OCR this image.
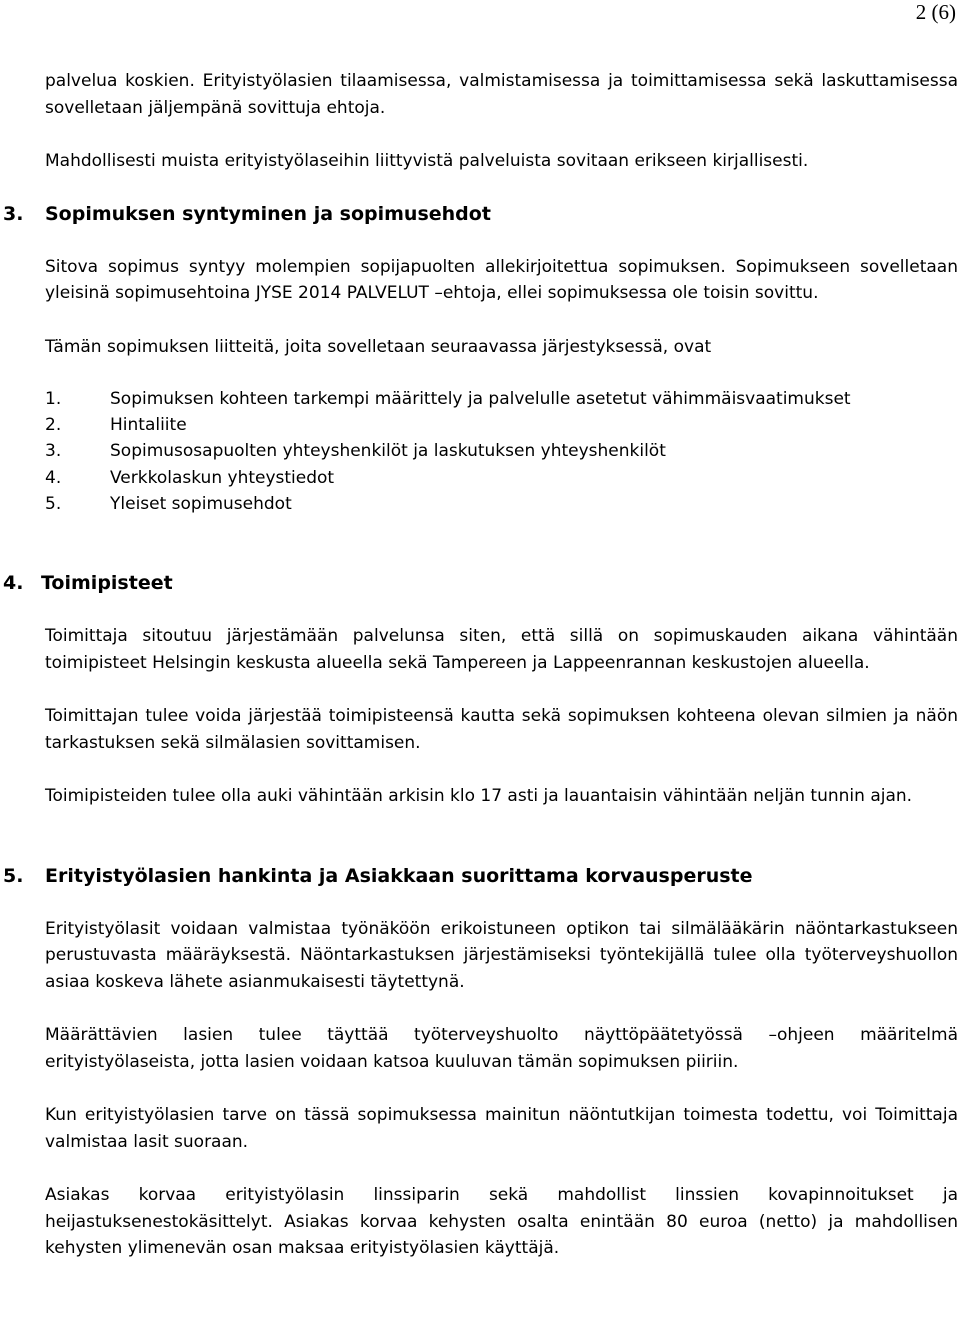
2 (6)

palvelua koskien. Erityistyölasien tilaamisessa, valmistamisessa ja toimittamisessa sekä laskuttamisessa sovelletaan jäljempänä sovittuja ehtoja.

Mahdollisesti muista erityistyölaseihin liittyvistä palveluista sovitaan erikseen kirjallisesti.

3.	Sopimuksen syntyminen ja sopimusehdot

Sitova sopimus syntyy molempien sopijapuolten allekirjoitettua sopimuksen. Sopimukseen sovelletaan yleisinä sopimusehtoina JYSE 2014 PALVELUT –ehtoja, ellei sopimuksessa ole toisin sovittu.

Tämän sopimuksen liitteitä, joita sovelletaan seuraavassa järjestyksessä, ovat

1.	Sopimuksen kohteen tarkempi määrittely ja palvelulle asetetut vähimmäisvaatimukset
2.	Hintaliite
3.	Sopimusosapuolten yhteyshenkilöt ja laskutuksen yhteyshenkilöt
4.	Verkkolaskun yhteystiedot
5.	Yleiset sopimusehdot
4. Toimipisteet

Toimittaja sitoutuu järjestämään palvelunsa siten, että sillä on sopimuskauden aikana vähintään toimipisteet Helsingin keskusta alueella sekä Tampereen ja Lappeenrannan keskustojen alueella.

Toimittajan tulee voida järjestää toimipisteensä kautta sekä sopimuksen kohteena olevan silmien ja näön tarkastuksen sekä silmälasien sovittamisen.

Toimipisteiden tulee olla auki vähintään arkisin klo 17 asti ja lauantaisin vähintään neljän tunnin ajan.

5.	Erityistyölasien hankinta ja Asiakkaan suorittama korvausperuste

Erityistyölasit voidaan valmistaa työnäköön erikoistuneen optikon tai silmälääkärin näöntarkastukseen perustuvasta määräyksestä. Näöntarkastuksen järjestämiseksi työntekijällä tulee olla työterveyshuollon asiaa koskeva lähete asianmukaisesti täytettynä.

Määrättävien lasien tulee täyttää työterveyshuolto näyttöpäätetyössä –ohjeen määritelmä erityistyölaseista, jotta lasien voidaan katsoa kuuluvan tämän sopimuksen piiriin.

Kun erityistyölasien tarve on tässä sopimuksessa mainitun näöntutkijan toimesta todettu, voi Toimittaja valmistaa lasit suoraan.

Asiakas korvaa erityistyölasin linssiparin sekä mahdollist linssien kovapinnoitukset ja heijastuksenestokäsittelyt. Asiakas korvaa kehysten osalta enintään 80 euroa (netto) ja mahdollisen kehysten ylimenevän osan maksaa erityistyölasien käyttäjä.
